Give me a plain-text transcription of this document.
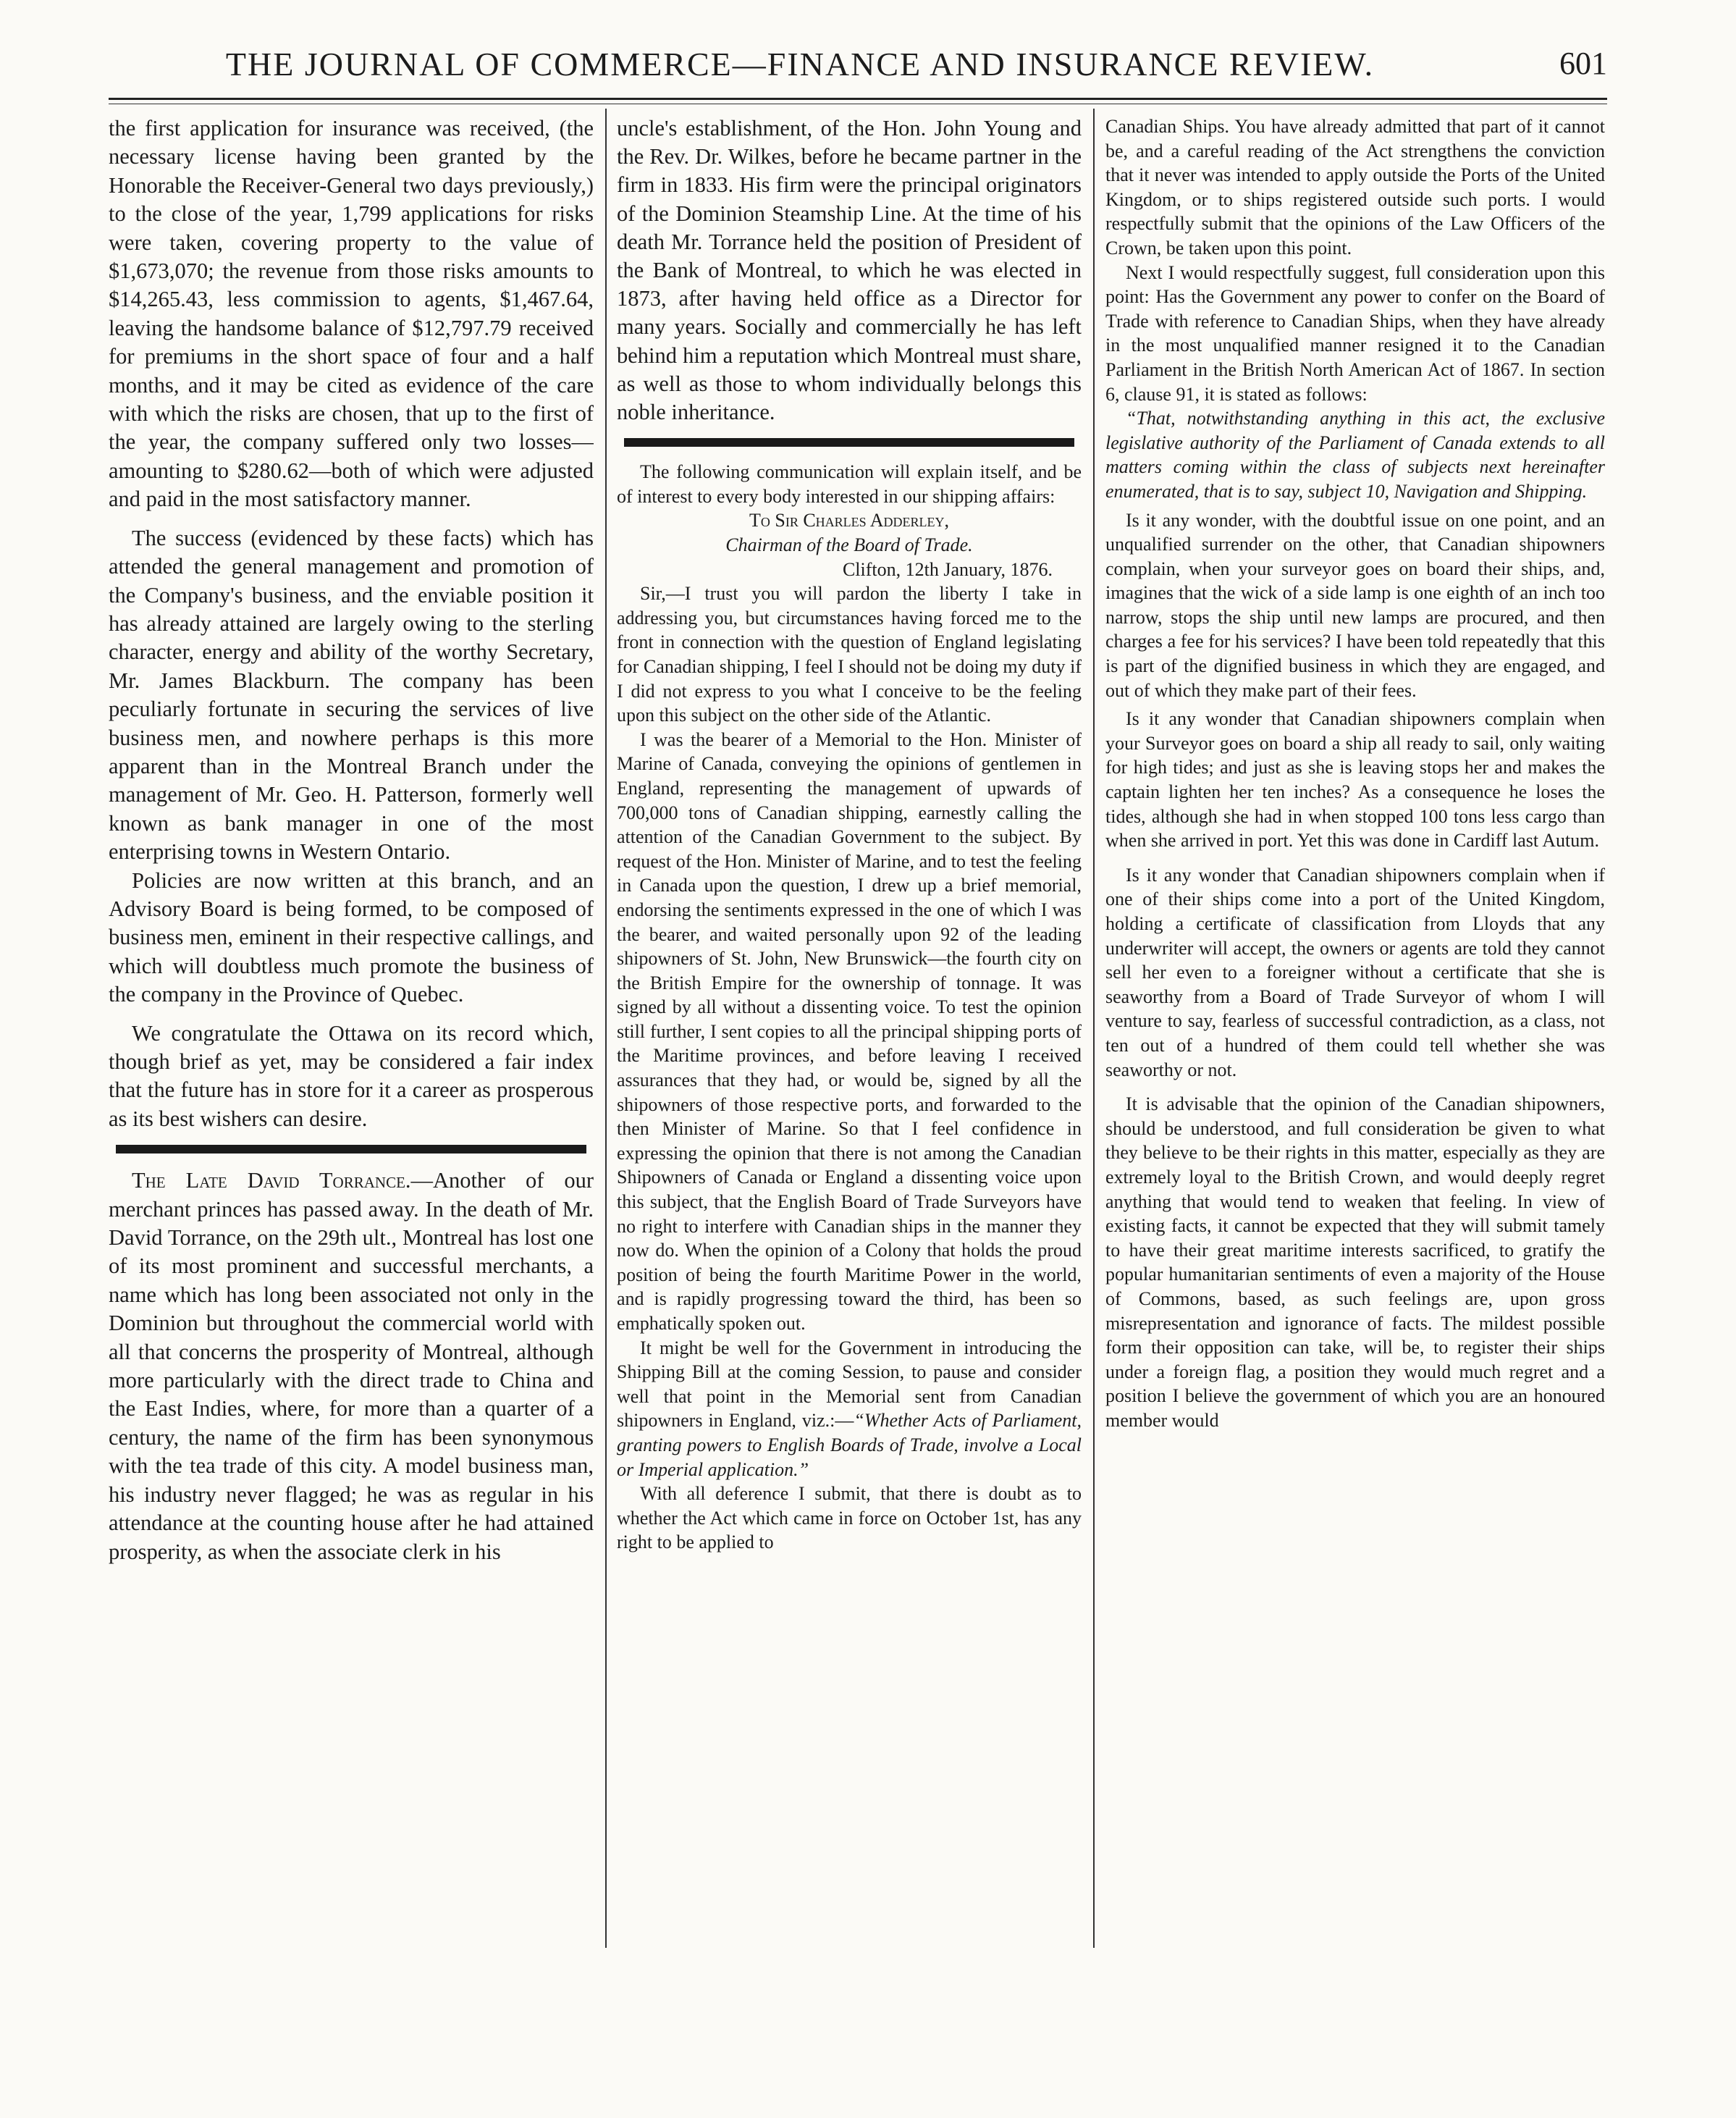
THE JOURNAL OF COMMERCE—FINANCE AND INSURANCE REVIEW.	601

the first application for insurance was received, (the necessary license having been granted by the Honorable the Receiver-General two days previously,) to the close of the year, 1,799 applications for risks were taken, covering property to the value of $1,673,070; the revenue from those risks amounts to $14,265.43, less commission to agents, $1,467.64, leaving the handsome balance of $12,797.79 received for premiums in the short space of four and a half months, and it may be cited as evidence of the care with which the risks are chosen, that up to the first of the year, the company suffered only two losses—amounting to $280.62—both of which were adjusted and paid in the most satisfactory manner.

The success (evidenced by these facts) which has attended the general management and promotion of the Company's business, and the enviable position it has already attained are largely owing to the sterling character, energy and ability of the worthy Secretary, Mr. James Blackburn. The company has been peculiarly fortunate in securing the services of live business men, and nowhere perhaps is this more apparent than in the Montreal Branch under the management of Mr. Geo. H. Patterson, formerly well known as bank manager in one of the most enterprising towns in Western Ontario.

Policies are now written at this branch, and an Advisory Board is being formed, to be composed of business men, eminent in their respective callings, and which will doubtless much promote the business of the company in the Province of Quebec.

We congratulate the Ottawa on its record which, though brief as yet, may be considered a fair index that the future has in store for it a career as prosperous as its best wishers can desire.

The Late David Torrance.—Another of our merchant princes has passed away. In the death of Mr. David Torrance, on the 29th ult., Montreal has lost one of its most prominent and successful merchants, a name which has long been associated not only in the Dominion but throughout the commercial world with all that concerns the prosperity of Montreal, although more particularly with the direct trade to China and the East Indies, where, for more than a quarter of a century, the name of the firm has been synonymous with the tea trade of this city. A model business man, his industry never flagged; he was as regular in his attendance at the counting house after he had attained prosperity, as when the associate clerk in his

uncle's establishment, of the Hon. John Young and the Rev. Dr. Wilkes, before he became partner in the firm in 1833. His firm were the principal originators of the Dominion Steamship Line. At the time of his death Mr. Torrance held the position of President of the Bank of Montreal, to which he was elected in 1873, after having held office as a Director for many years. Socially and commercially he has left behind him a reputation which Montreal must share, as well as those to whom individually belongs this noble inheritance.

The following communication will explain itself, and be of interest to every body interested in our shipping affairs:

To Sir Charles Adderley,

Chairman of the Board of Trade.

Clifton, 12th January, 1876.

Sir,—I trust you will pardon the liberty I take in addressing you, but circumstances having forced me to the front in connection with the question of England legislating for Canadian shipping, I feel I should not be doing my duty if I did not express to you what I conceive to be the feeling upon this subject on the other side of the Atlantic.

I was the bearer of a Memorial to the Hon. Minister of Marine of Canada, conveying the opinions of gentlemen in England, representing the management of upwards of 700,000 tons of Canadian shipping, earnestly calling the attention of the Canadian Government to the subject. By request of the Hon. Minister of Marine, and to test the feeling in Canada upon the question, I drew up a brief memorial, endorsing the sentiments expressed in the one of which I was the bearer, and waited personally upon 92 of the leading shipowners of St. John, New Brunswick—the fourth city on the British Empire for the ownership of tonnage. It was signed by all without a dissenting voice. To test the opinion still further, I sent copies to all the principal shipping ports of the Maritime provinces, and before leaving I received assurances that they had, or would be, signed by all the shipowners of those respective ports, and forwarded to the then Minister of Marine. So that I feel confidence in expressing the opinion that there is not among the Canadian Shipowners of Canada or England a dissenting voice upon this subject, that the English Board of Trade Surveyors have no right to interfere with Canadian ships in the manner they now do. When the opinion of a Colony that holds the proud position of being the fourth Maritime Power in the world, and is rapidly progressing toward the third, has been so emphatically spoken out.

It might be well for the Government in introducing the Shipping Bill at the coming Session, to pause and consider well that point in the Memorial sent from Canadian shipowners in England, viz.:—“Whether Acts of Parliament, granting powers to English Boards of Trade, involve a Local or Imperial application.”

With all deference I submit, that there is doubt as to whether the Act which came in force on October 1st, has any right to be applied to

Canadian Ships. You have already admitted that part of it cannot be, and a careful reading of the Act strengthens the conviction that it never was intended to apply outside the Ports of the United Kingdom, or to ships registered outside such ports. I would respectfully submit that the opinions of the Law Officers of the Crown, be taken upon this point.

Next I would respectfully suggest, full consideration upon this point: Has the Government any power to confer on the Board of Trade with reference to Canadian Ships, when they have already in the most unqualified manner resigned it to the Canadian Parliament in the British North American Act of 1867. In section 6, clause 91, it is stated as follows:

“That, notwithstanding anything in this act, the exclusive legislative authority of the Parliament of Canada extends to all matters coming within the class of subjects next hereinafter enumerated, that is to say, subject 10, Navigation and Shipping.

Is it any wonder, with the doubtful issue on one point, and an unqualified surrender on the other, that Canadian shipowners complain, when your surveyor goes on board their ships, and, imagines that the wick of a side lamp is one eighth of an inch too narrow, stops the ship until new lamps are procured, and then charges a fee for his services? I have been told repeatedly that this is part of the dignified business in which they are engaged, and out of which they make part of their fees.

Is it any wonder that Canadian shipowners complain when your Surveyor goes on board a ship all ready to sail, only waiting for high tides; and just as she is leaving stops her and makes the captain lighten her ten inches? As a consequence he loses the tides, although she had in when stopped 100 tons less cargo than when she arrived in port. Yet this was done in Cardiff last Autum.

Is it any wonder that Canadian shipowners complain when if one of their ships come into a port of the United Kingdom, holding a certificate of classification from Lloyds that any underwriter will accept, the owners or agents are told they cannot sell her even to a foreigner without a certificate that she is seaworthy from a Board of Trade Surveyor of whom I will venture to say, fearless of successful contradiction, as a class, not ten out of a hundred of them could tell whether she was seaworthy or not.

It is advisable that the opinion of the Canadian shipowners, should be understood, and full consideration be given to what they believe to be their rights in this matter, especially as they are extremely loyal to the British Crown, and would deeply regret anything that would tend to weaken that feeling. In view of existing facts, it cannot be expected that they will submit tamely to have their great maritime interests sacrificed, to gratify the popular humanitarian sentiments of even a majority of the House of Commons, based, as such feelings are, upon gross misrepresentation and ignorance of facts. The mildest possible form their opposition can take, will be, to register their ships under a foreign flag, a position they would much regret and a position I believe the government of which you are an honoured member would
